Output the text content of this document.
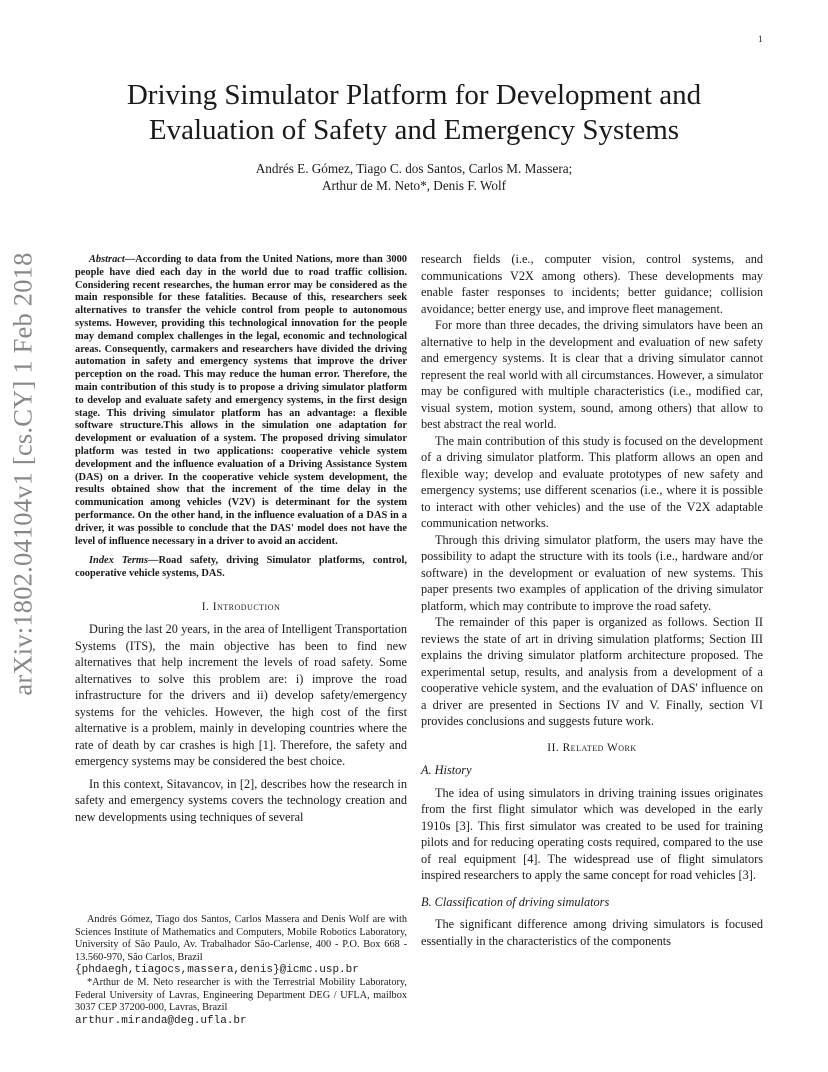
1
arXiv:1802.04104v1 [cs.CY] 1 Feb 2018
Driving Simulator Platform for Development and
Evaluation of Safety and Emergency Systems
Andrés E. Gómez, Tiago C. dos Santos, Carlos M. Massera;
Arthur de M. Neto*, Denis F. Wolf

Abstract—According to data from the United Nations, more than 3000 people have died each day in the world due to road traffic collision. Considering recent researches, the human error may be considered as the main responsible for these fatalities. Because of this, researchers seek alternatives to transfer the vehicle control from people to autonomous systems. However, providing this technological innovation for the people may demand complex challenges in the legal, economic and technological areas. Consequently, carmakers and researchers have divided the driving automation in safety and emergency systems that improve the driver perception on the road. This may reduce the human error. Therefore, the main contribution of this study is to propose a driving simulator platform to develop and evaluate safety and emergency systems, in the first design stage. This driving simulator platform has an advantage: a flexible software structure.This allows in the simulation one adaptation for development or evaluation of a system. The proposed driving simulator platform was tested in two applications: cooperative vehicle system development and the influence evaluation of a Driving Assistance System (DAS) on a driver. In the cooperative vehicle system development, the results obtained show that the increment of the time delay in the communication among vehicles (V2V) is determinant for the system performance. On the other hand, in the influence evaluation of a DAS in a driver, it was possible to conclude that the DAS' model does not have the level of influence necessary in a driver to avoid an accident.

Index Terms—Road safety, driving Simulator platforms, control, cooperative vehicle systems, DAS.

I. Introduction

During the last 20 years, in the area of Intelligent Transportation Systems (ITS), the main objective has been to find new alternatives that help increment the levels of road safety. Some alternatives to solve this problem are: i) improve the road infrastructure for the drivers and ii) develop safety/emergency systems for the vehicles. However, the high cost of the first alternative is a problem, mainly in developing countries where the rate of death by car crashes is high [1]. Therefore, the safety and emergency systems may be considered the best choice.

In this context, Sitavancov, in [2], describes how the research in safety and emergency systems covers the technology creation and new developments using techniques of several

Andrés Gómez, Tiago dos Santos, Carlos Massera and Denis Wolf are with Sciences Institute of Mathematics and Computers, Mobile Robotics Laboratory, University of São Paulo, Av. Trabalhador São-Carlense, 400 - P.O. Box 668 - 13.560-970, São Carlos, Brazil
{phdaegh,tiagocs,massera,denis}@icmc.usp.br

*Arthur de M. Neto researcher is with the Terrestrial Mobility Laboratory, Federal University of Lavras, Engineering Department DEG / UFLA, mailbox 3037 CEP 37200-000, Lavras, Brazil
arthur.miranda@deg.ufla.br

research fields (i.e., computer vision, control systems, and communications V2X among others). These developments may enable faster responses to incidents; better guidance; collision avoidance; better energy use, and improve fleet management.

For more than three decades, the driving simulators have been an alternative to help in the development and evaluation of new safety and emergency systems. It is clear that a driving simulator cannot represent the real world with all circumstances. However, a simulator may be configured with multiple characteristics (i.e., modified car, visual system, motion system, sound, among others) that allow to best abstract the real world.

The main contribution of this study is focused on the development of a driving simulator platform. This platform allows an open and flexible way; develop and evaluate prototypes of new safety and emergency systems; use different scenarios (i.e., where it is possible to interact with other vehicles) and the use of the V2X adaptable communication networks.

Through this driving simulator platform, the users may have the possibility to adapt the structure with its tools (i.e., hardware and/or software) in the development or evaluation of new systems. This paper presents two examples of application of the driving simulator platform, which may contribute to improve the road safety.

The remainder of this paper is organized as follows. Section II reviews the state of art in driving simulation platforms; Section III explains the driving simulator platform architecture proposed. The experimental setup, results, and analysis from a development of a cooperative vehicle system, and the evaluation of DAS' influence on a driver are presented in Sections IV and V. Finally, section VI provides conclusions and suggests future work.

II. Related Work

A. History

The idea of using simulators in driving training issues originates from the first flight simulator which was developed in the early 1910s [3]. This first simulator was created to be used for training pilots and for reducing operating costs required, compared to the use of real equipment [4]. The widespread use of flight simulators inspired researchers to apply the same concept for road vehicles [3].

B. Classification of driving simulators

The significant difference among driving simulators is focused essentially in the characteristics of the components
